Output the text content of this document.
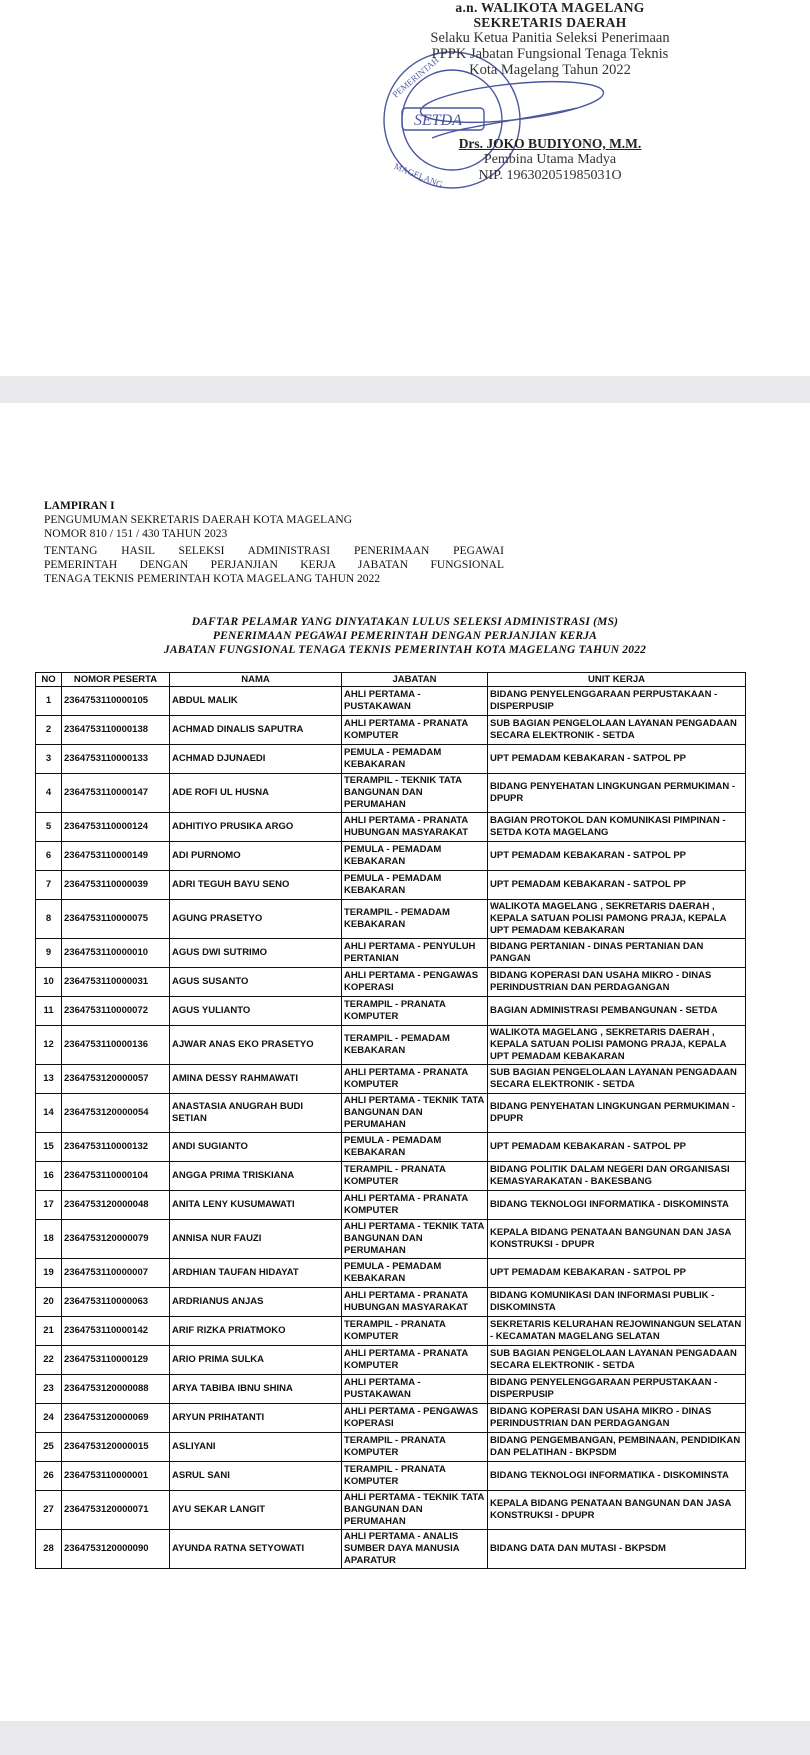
SETDA
PEMERINTAH
MAGELANG
a.n. WALIKOTA MAGELANG
SEKRETARIS DAERAH
Selaku Ketua Panitia Seleksi Penerimaan
PPPK Jabatan Fungsional Tenaga Teknis
Kota Magelang Tahun 2022
Drs. JOKO BUDIYONO, M.M.
Pembina Utama Madya
NIP. 196302051985031O
LAMPIRAN I
PENGUMUMAN SEKRETARIS DAERAH KOTA MAGELANG
NOMOR 810 / 151 / 430 TAHUN 2023
TENTANG HASIL SELEKSI ADMINISTRASI PENERIMAAN PEGAWAI
PEMERINTAH DENGAN PERJANJIAN KERJA JABATAN FUNGSIONAL
TENAGA TEKNIS PEMERINTAH KOTA MAGELANG TAHUN 2022
DAFTAR PELAMAR YANG DINYATAKAN LULUS SELEKSI ADMINISTRASI (MS)
PENERIMAAN PEGAWAI PEMERINTAH DENGAN PERJANJIAN KERJA
JABATAN FUNGSIONAL TENAGA TEKNIS PEMERINTAH KOTA MAGELANG TAHUN 2022
NO	NOMOR PESERTA	NAMA	JABATAN	UNIT KERJA
1	2364753110000105	ABDUL MALIK	AHLI PERTAMA - PUSTAKAWAN	BIDANG PENYELENGGARAAN PERPUSTAKAAN - DISPERPUSIP
2	2364753110000138	ACHMAD DINALIS SAPUTRA	AHLI PERTAMA - PRANATA KOMPUTER	SUB BAGIAN PENGELOLAAN LAYANAN PENGADAAN SECARA ELEKTRONIK - SETDA
3	2364753110000133	ACHMAD DJUNAEDI	PEMULA - PEMADAM KEBAKARAN	UPT PEMADAM KEBAKARAN - SATPOL PP
4	2364753110000147	ADE ROFI UL HUSNA	TERAMPIL - TEKNIK TATA BANGUNAN DAN PERUMAHAN	BIDANG PENYEHATAN LINGKUNGAN PERMUKIMAN - DPUPR
5	2364753110000124	ADHITIYO PRUSIKA ARGO	AHLI PERTAMA - PRANATA HUBUNGAN MASYARAKAT	BAGIAN PROTOKOL DAN KOMUNIKASI PIMPINAN - SETDA KOTA MAGELANG
6	2364753110000149	ADI PURNOMO	PEMULA - PEMADAM KEBAKARAN	UPT PEMADAM KEBAKARAN - SATPOL PP
7	2364753110000039	ADRI TEGUH BAYU SENO	PEMULA - PEMADAM KEBAKARAN	UPT PEMADAM KEBAKARAN - SATPOL PP
8	2364753110000075	AGUNG PRASETYO	TERAMPIL - PEMADAM KEBAKARAN	WALIKOTA MAGELANG , SEKRETARIS DAERAH , KEPALA SATUAN POLISI PAMONG PRAJA, KEPALA UPT PEMADAM KEBAKARAN
9	2364753110000010	AGUS DWI SUTRIMO	AHLI PERTAMA - PENYULUH PERTANIAN	BIDANG PERTANIAN - DINAS PERTANIAN DAN PANGAN
10	2364753110000031	AGUS SUSANTO	AHLI PERTAMA - PENGAWAS KOPERASI	BIDANG KOPERASI DAN USAHA MIKRO - DINAS PERINDUSTRIAN DAN PERDAGANGAN
11	2364753110000072	AGUS YULIANTO	TERAMPIL - PRANATA KOMPUTER	BAGIAN ADMINISTRASI PEMBANGUNAN - SETDA
12	2364753110000136	AJWAR ANAS EKO PRASETYO	TERAMPIL - PEMADAM KEBAKARAN	WALIKOTA MAGELANG , SEKRETARIS DAERAH , KEPALA SATUAN POLISI PAMONG PRAJA, KEPALA UPT PEMADAM KEBAKARAN
13	2364753120000057	AMINA DESSY RAHMAWATI	AHLI PERTAMA - PRANATA KOMPUTER	SUB BAGIAN PENGELOLAAN LAYANAN PENGADAAN SECARA ELEKTRONIK - SETDA
14	2364753120000054	ANASTASIA ANUGRAH BUDI SETIAN	AHLI PERTAMA - TEKNIK TATA BANGUNAN DAN PERUMAHAN	BIDANG PENYEHATAN LINGKUNGAN PERMUKIMAN - DPUPR
15	2364753110000132	ANDI SUGIANTO	PEMULA - PEMADAM KEBAKARAN	UPT PEMADAM KEBAKARAN - SATPOL PP
16	2364753110000104	ANGGA PRIMA TRISKIANA	TERAMPIL - PRANATA KOMPUTER	BIDANG POLITIK DALAM NEGERI DAN ORGANISASI KEMASYARAKATAN - BAKESBANG
17	2364753120000048	ANITA LENY KUSUMAWATI	AHLI PERTAMA - PRANATA KOMPUTER	BIDANG TEKNOLOGI INFORMATIKA - DISKOMINSTA
18	2364753120000079	ANNISA NUR FAUZI	AHLI PERTAMA - TEKNIK TATA BANGUNAN DAN PERUMAHAN	KEPALA BIDANG PENATAAN BANGUNAN DAN JASA KONSTRUKSI - DPUPR
19	2364753110000007	ARDHIAN TAUFAN HIDAYAT	PEMULA - PEMADAM KEBAKARAN	UPT PEMADAM KEBAKARAN - SATPOL PP
20	2364753110000063	ARDRIANUS ANJAS	AHLI PERTAMA - PRANATA HUBUNGAN MASYARAKAT	BIDANG KOMUNIKASI DAN INFORMASI PUBLIK - DISKOMINSTA
21	2364753110000142	ARIF RIZKA PRIATMOKO	TERAMPIL - PRANATA KOMPUTER	SEKRETARIS KELURAHAN REJOWINANGUN SELATAN - KECAMATAN MAGELANG SELATAN
22	2364753110000129	ARIO PRIMA SULKA	AHLI PERTAMA - PRANATA KOMPUTER	SUB BAGIAN PENGELOLAAN LAYANAN PENGADAAN SECARA ELEKTRONIK - SETDA
23	2364753120000088	ARYA TABIBA IBNU SHINA	AHLI PERTAMA - PUSTAKAWAN	BIDANG PENYELENGGARAAN PERPUSTAKAAN - DISPERPUSIP
24	2364753120000069	ARYUN PRIHATANTI	AHLI PERTAMA - PENGAWAS KOPERASI	BIDANG KOPERASI DAN USAHA MIKRO - DINAS PERINDUSTRIAN DAN PERDAGANGAN
25	2364753120000015	ASLIYANI	TERAMPIL - PRANATA KOMPUTER	BIDANG PENGEMBANGAN, PEMBINAAN, PENDIDIKAN DAN PELATIHAN - BKPSDM
26	2364753110000001	ASRUL SANI	TERAMPIL - PRANATA KOMPUTER	BIDANG TEKNOLOGI INFORMATIKA - DISKOMINSTA
27	2364753120000071	AYU SEKAR LANGIT	AHLI PERTAMA - TEKNIK TATA BANGUNAN DAN PERUMAHAN	KEPALA BIDANG PENATAAN BANGUNAN DAN JASA KONSTRUKSI - DPUPR
28	2364753120000090	AYUNDA RATNA SETYOWATI	AHLI PERTAMA - ANALIS SUMBER DAYA MANUSIA APARATUR	BIDANG DATA DAN MUTASI - BKPSDM
